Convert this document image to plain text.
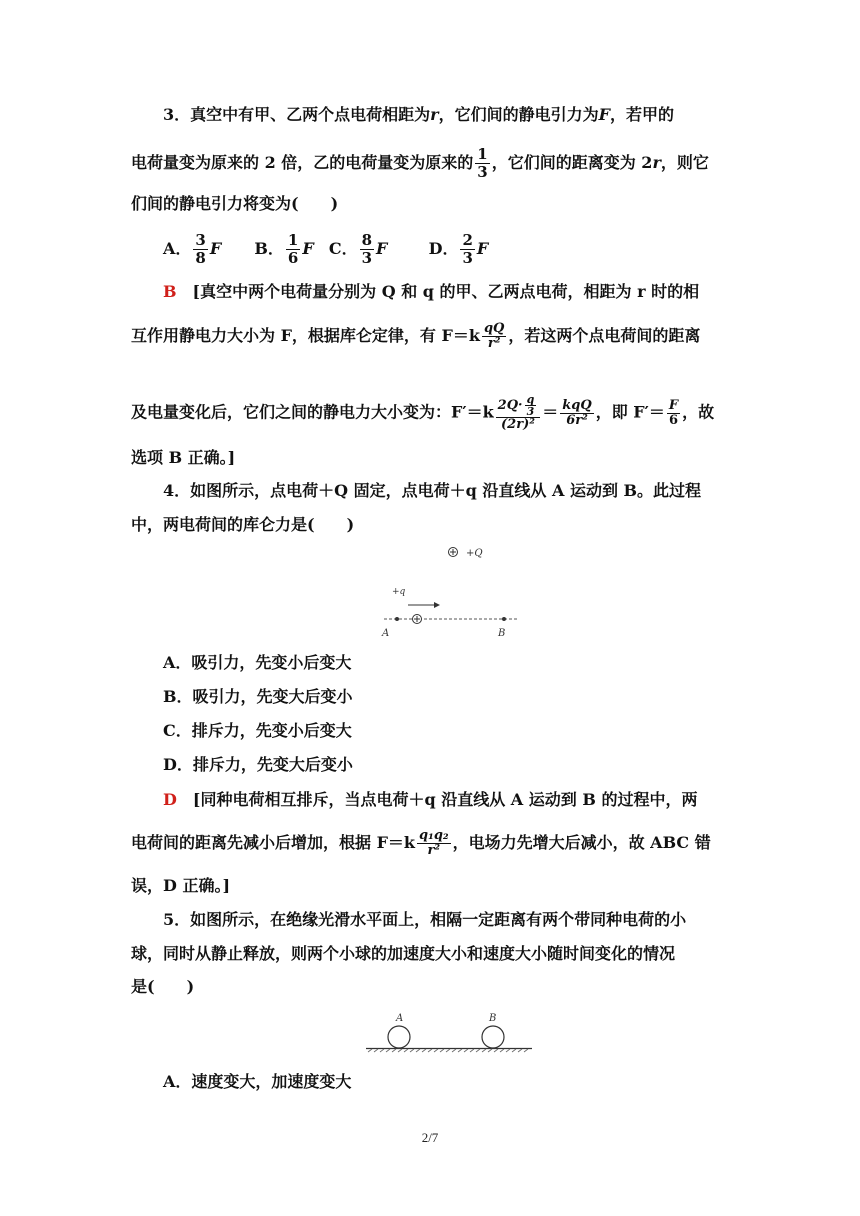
3．真空中有甲、乙两个点电荷相距为r，它们间的静电引力为F，若甲的
电荷量变为原来的 2 倍，乙的电荷量变为原来的 $\frac{1}{3}$ ，它们间的距离变为 2r，则它
们间的静电引力将变为(　　)
A． $\frac{3}{8}$ F B． $\frac{1}{6}$ F C． $\frac{8}{3}$ F	D． $\frac{2}{3}$ F
B　 [真空中两个电荷量分别为 Q 和 q 的甲、乙两点电荷，相距为 r 时的相
互作用静电力大小为 F，根据库仑定律，有 $F=k \frac{qQ}{\text{r²}}$ ，若这两个点电荷间的距离
及电量变化后，它们之间的静电力大小变为：$F'=k \frac{2Q\cdot \frac{q}{3}}{\text{(2r)²}} = \frac{\text{kqQ}}{\text{6r²}}$ ，即 $F'= \frac{F}{6}$ ，故
选项 B 正确。]
4．如图所示，点电荷＋Q 固定，点电荷＋q 沿直线从 A 运动到 B。此过程
中，两电荷间的库仑力是(　　)
+Q
+q
A	B
A．吸引力，先变小后变大
B．吸引力，先变大后变小
C．排斥力，先变小后变大
D．排斥力，先变大后变小
D　 [同种电荷相互排斥，当点电荷＋q 沿直线从 A 运动到 B 的过程中，两
电荷间的距离先减小后增加，根据 $F=k \frac{\text{q₁q₂}}{\text{r²}}$ ，电场力先增大后减小，故 ABC 错
误，D 正确。]
5．如图所示，在绝缘光滑水平面上，相隔一定距离有两个带同种电荷的小
球，同时从静止释放，则两个小球的加速度大小和速度大小随时间变化的情况
是(　　)
A	B
A．速度变大，加速度变大
2/7
